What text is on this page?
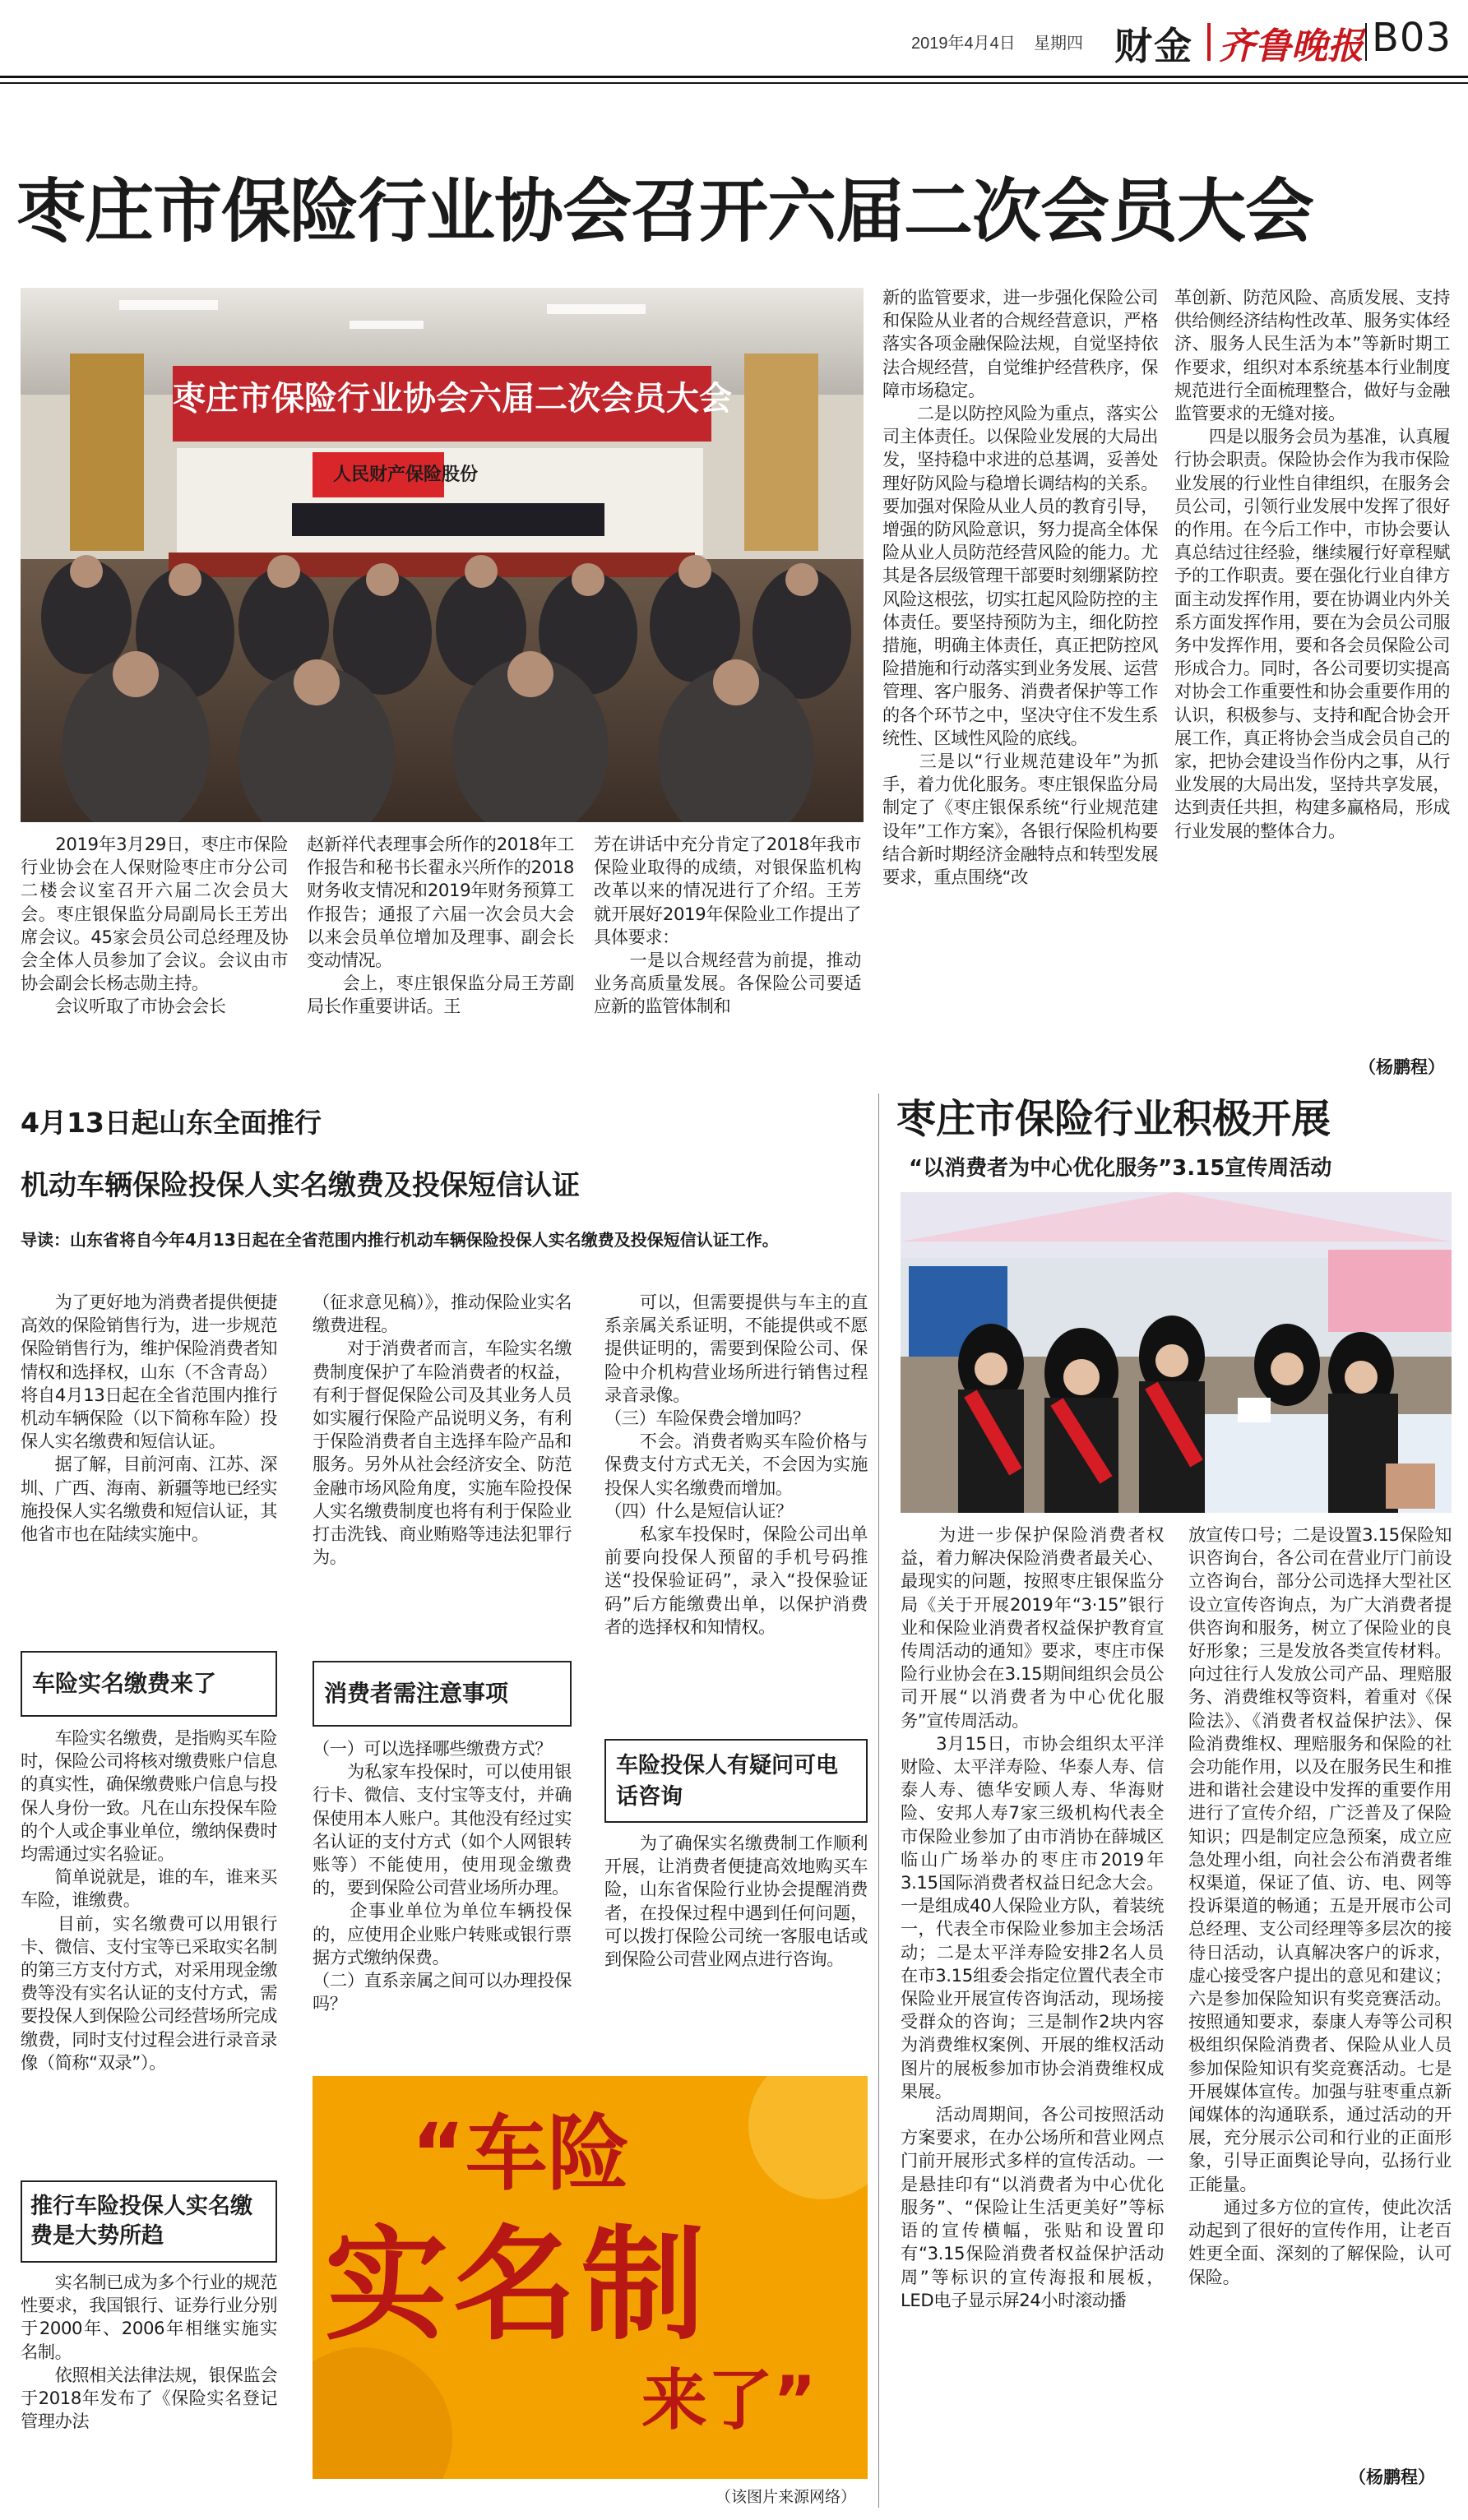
2019年4月4日 星期四 财金 齐鲁晚报 B03
枣庄市保险行业协会召开六届二次会员大会
枣庄市保险行业协会六届二次会员大会
人民财产保险股份
　　2019年3月29日，枣庄市保险行业协会在人保财险枣庄市分公司二楼会议室召开六届二次会员大会。枣庄银保监分局副局长王芳出席会议。45家会员公司总经理及协会全体人员参加了会议。会议由市协会副会长杨志勋主持。
　　会议听取了市协会会长
赵新祥代表理事会所作的2018年工作报告和秘书长翟永兴所作的2018财务收支情况和2019年财务预算工作报告；通报了六届一次会员大会以来会员单位增加及理事、副会长变动情况。
　　会上，枣庄银保监分局王芳副局长作重要讲话。王
芳在讲话中充分肯定了2018年我市保险业取得的成绩，对银保监机构改革以来的情况进行了介绍。王芳就开展好2019年保险业工作提出了具体要求：
　　一是以合规经营为前提，推动业务高质量发展。各保险公司要适应新的监管体制和
新的监管要求，进一步强化保险公司和保险从业者的合规经营意识，严格落实各项金融保险法规，自觉坚持依法合规经营，自觉维护经营秩序，保障市场稳定。
　　二是以防控风险为重点，落实公司主体责任。以保险业发展的大局出发，坚持稳中求进的总基调，妥善处理好防风险与稳增长调结构的关系。要加强对保险从业人员的教育引导，增强的防风险意识，努力提高全体保险从业人员防范经营风险的能力。尤其是各层级管理干部要时刻绷紧防控风险这根弦，切实扛起风险防控的主体责任。要坚持预防为主，细化防控措施，明确主体责任，真正把防控风险措施和行动落实到业务发展、运营管理、客户服务、消费者保护等工作的各个环节之中，坚决守住不发生系统性、区域性风险的底线。
　　三是以“行业规范建设年”为抓手，着力优化服务。枣庄银保监分局制定了《枣庄银保系统“行业规范建设年”工作方案》，各银行保险机构要结合新时期经济金融特点和转型发展要求，重点围绕“改
革创新、防范风险、高质发展、支持供给侧经济结构性改革、服务实体经济、服务人民生活为本”等新时期工作要求，组织对本系统基本行业制度规范进行全面梳理整合，做好与金融监管要求的无缝对接。
　　四是以服务会员为基准，认真履行协会职责。保险协会作为我市保险业发展的行业性自律组织，在服务会员公司，引领行业发展中发挥了很好的作用。在今后工作中，市协会要认真总结过往经验，继续履行好章程赋予的工作职责。要在强化行业自律方面主动发挥作用，要在协调业内外关系方面发挥作用，要在为会员公司服务中发挥作用，要和各会员保险公司形成合力。同时，各公司要切实提高对协会工作重要性和协会重要作用的认识，积极参与、支持和配合协会开展工作，真正将协会当成会员自己的家，把协会建设当作份内之事，从行业发展的大局出发，坚持共享发展，达到责任共担，构建多赢格局，形成行业发展的整体合力。
（杨鹏程）
4月13日起山东全面推行
机动车辆保险投保人实名缴费及投保短信认证
导读：山东省将自今年4月13日起在全省范围内推行机动车辆保险投保人实名缴费及投保短信认证工作。
　　为了更好地为消费者提供便捷高效的保险销售行为，进一步规范保险销售行为，维护保险消费者知情权和选择权，山东（不含青岛）将自4月13日起在全省范围内推行机动车辆保险（以下简称车险）投保人实名缴费和短信认证。
　　据了解，目前河南、江苏、深圳、广西、海南、新疆等地已经实施投保人实名缴费和短信认证，其他省市也在陆续实施中。
车险实名缴费来了
　　车险实名缴费，是指购买车险时，保险公司将核对缴费账户信息的真实性，确保缴费账户信息与投保人身份一致。凡在山东投保车险的个人或企事业单位，缴纳保费时均需通过实名验证。
　　简单说就是，谁的车，谁来买车险，谁缴费。
　　目前，实名缴费可以用银行卡、微信、支付宝等已采取实名制的第三方支付方式，对采用现金缴费等没有实名认证的支付方式，需要投保人到保险公司经营场所完成缴费，同时支付过程会进行录音录像（简称“双录”）。
推行车险投保人实名缴费是大势所趋
　　实名制已成为多个行业的规范性要求，我国银行、证券行业分别于2000年、2006年相继实施实名制。
　　依照相关法律法规，银保监会于2018年发布了《保险实名登记管理办法
（征求意见稿）》，推动保险业实名缴费进程。
　　对于消费者而言，车险实名缴费制度保护了车险消费者的权益，有利于督促保险公司及其业务人员如实履行保险产品说明义务，有利于保险消费者自主选择车险产品和服务。另外从社会经济安全、防范金融市场风险角度，实施车险投保人实名缴费制度也将有利于保险业打击洗钱、商业贿赂等违法犯罪行为。
消费者需注意事项
（一）可以选择哪些缴费方式？
　　为私家车投保时，可以使用银行卡、微信、支付宝等支付，并确保使用本人账户。其他没有经过实名认证的支付方式（如个人网银转账等）不能使用，使用现金缴费的，要到保险公司营业场所办理。
　　企事业单位为单位车辆投保的，应使用企业账户转账或银行票据方式缴纳保费。
（二）直系亲属之间可以办理投保吗？
　　可以，但需要提供与车主的直系亲属关系证明，不能提供或不愿提供证明的，需要到保险公司、保险中介机构营业场所进行销售过程录音录像。
（三）车险保费会增加吗？
　　不会。消费者购买车险价格与保费支付方式无关，不会因为实施投保人实名缴费而增加。
（四）什么是短信认证？
　　私家车投保时，保险公司出单前要向投保人预留的手机号码推送“投保验证码”，录入“投保验证码”后方能缴费出单，以保护消费者的选择权和知情权。
车险投保人有疑问可电话咨询
　　为了确保实名缴费制工作顺利开展，让消费者便捷高效地购买车险，山东省保险行业协会提醒消费者，在投保过程中遇到任何问题，可以拨打保险公司统一客服电话或到保险公司营业网点进行咨询。
“车险
实名制
来了”
（该图片来源网络）
枣庄市保险行业积极开展
“以消费者为中心优化服务”3.15宣传周活动
　　为进一步保护保险消费者权益，着力解决保险消费者最关心、最现实的问题，按照枣庄银保监分局《关于开展2019年“3·15”银行业和保险业消费者权益保护教育宣传周活动的通知》要求，枣庄市保险行业协会在3.15期间组织会员公司开展“以消费者为中心优化服务”宣传周活动。
　　3月15日，市协会组织太平洋财险、太平洋寿险、华泰人寿、信泰人寿、德华安顾人寿、华海财险、安邦人寿7家三级机构代表全市保险业参加了由市消协在薛城区临山广场举办的枣庄市2019年3.15国际消费者权益日纪念大会。一是组成40人保险业方队，着装统一，代表全市保险业参加主会场活动；二是太平洋寿险安排2名人员在市3.15组委会指定位置代表全市保险业开展宣传咨询活动，现场接受群众的咨询；三是制作2块内容为消费维权案例、开展的维权活动图片的展板参加市协会消费维权成果展。
　　活动周期间，各公司按照活动方案要求，在办公场所和营业网点门前开展形式多样的宣传活动。一是悬挂印有“以消费者为中心优化服务”、“保险让生活更美好”等标语的宣传横幅，张贴和设置印有“3.15保险消费者权益保护活动周”等标识的宣传海报和展板，LED电子显示屏24小时滚动播
放宣传口号；二是设置3.15保险知识咨询台，各公司在营业厅门前设立咨询台，部分公司选择大型社区设立宣传咨询点，为广大消费者提供咨询和服务，树立了保险业的良好形象；三是发放各类宣传材料。向过往行人发放公司产品、理赔服务、消费维权等资料，着重对《保险法》、《消费者权益保护法》、保险消费维权、理赔服务和保险的社会功能作用，以及在服务民生和推进和谐社会建设中发挥的重要作用进行了宣传介绍，广泛普及了保险知识；四是制定应急预案，成立应急处理小组，向社会公布消费者维权渠道，保证了值、访、电、网等投诉渠道的畅通；五是开展市公司总经理、支公司经理等多层次的接待日活动，认真解决客户的诉求，虚心接受客户提出的意见和建议；六是参加保险知识有奖竞赛活动。按照通知要求，泰康人寿等公司积极组织保险消费者、保险从业人员参加保险知识有奖竞赛活动。七是开展媒体宣传。加强与驻枣重点新闻媒体的沟通联系，通过活动的开展，充分展示公司和行业的正面形象，引导正面舆论导向，弘扬行业正能量。
　　通过多方位的宣传，使此次活动起到了很好的宣传作用，让老百姓更全面、深刻的了解保险，认可保险。
（杨鹏程）
